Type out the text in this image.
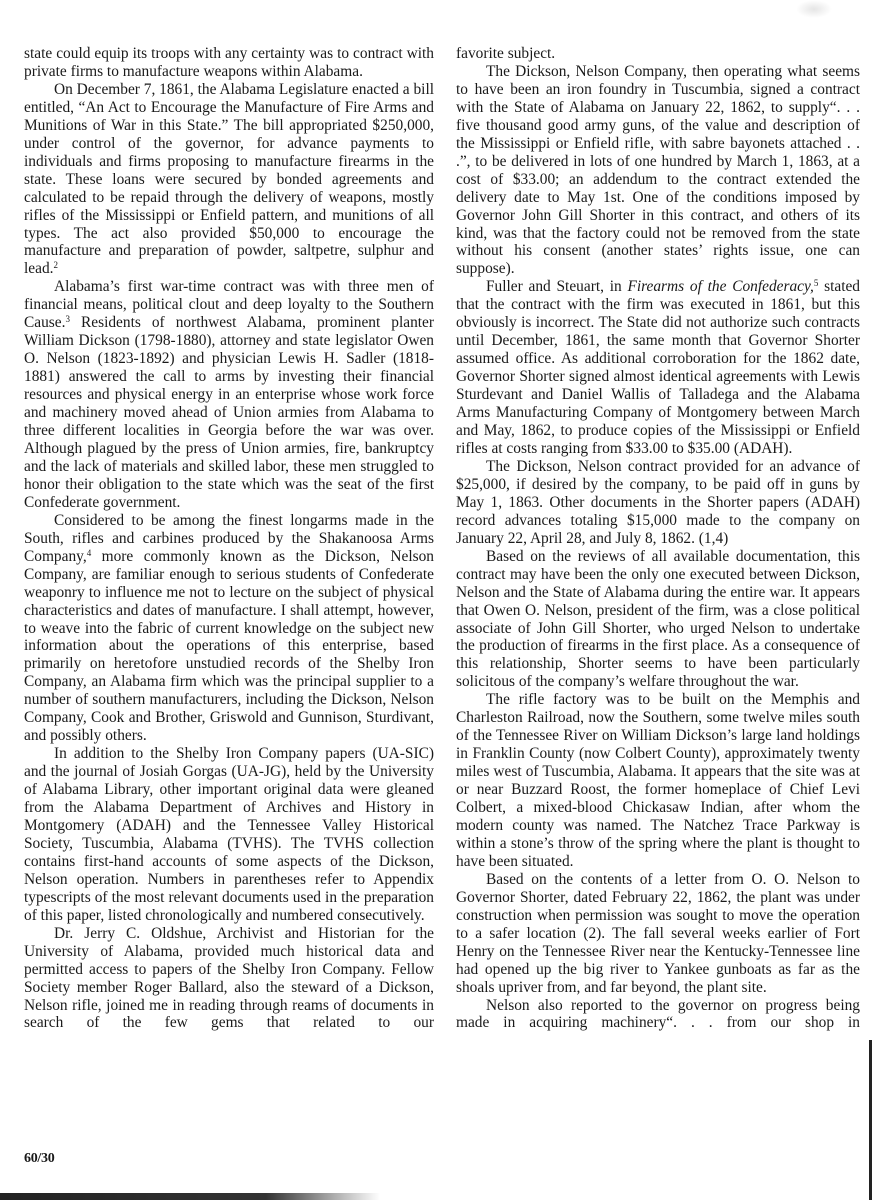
state could equip its troops with any certainty was to contract with private firms to manufacture weapons within Alabama.

On December 7, 1861, the Alabama Legislature enacted a bill entitled, “An Act to Encourage the Manufacture of Fire Arms and Munitions of War in this State.” The bill appropriated $250,000, under control of the governor, for advance payments to individuals and firms proposing to manufacture firearms in the state. These loans were secured by bonded agreements and calculated to be repaid through the delivery of weapons, mostly rifles of the Mississippi or Enfield pattern, and munitions of all types. The act also provided $50,000 to encourage the manufacture and preparation of powder, saltpetre, sulphur and lead.$^2$

Alabama’s first war-time contract was with three men of financial means, political clout and deep loyalty to the Southern Cause.$^3$ Residents of northwest Alabama, prominent planter William Dickson (1798-1880), attorney and state legislator Owen O. Nelson (1823-1892) and physician Lewis H. Sadler (1818-1881) answered the call to arms by investing their financial resources and physical energy in an enterprise whose work force and machinery moved ahead of Union armies from Alabama to three different localities in Georgia before the war was over. Although plagued by the press of Union armies, fire, bankruptcy and the lack of materials and skilled labor, these men struggled to honor their obligation to the state which was the seat of the first Confederate government.

Considered to be among the finest longarms made in the South, rifles and carbines produced by the Shakanoosa Arms Company,$^4$ more commonly known as the Dickson, Nelson Company, are familiar enough to serious students of Confederate weaponry to influence me not to lecture on the subject of physical characteristics and dates of manufacture. I shall attempt, however, to weave into the fabric of current knowledge on the subject new information about the operations of this enterprise, based primarily on heretofore unstudied records of the Shelby Iron Company, an Alabama firm which was the principal supplier to a number of southern manufacturers, including the Dickson, Nelson Company, Cook and Brother, Griswold and Gunnison, Sturdivant, and possibly others.

In addition to the Shelby Iron Company papers (UA-SIC) and the journal of Josiah Gorgas (UA-JG), held by the University of Alabama Library, other important original data were gleaned from the Alabama Department of Archives and History in Montgomery (ADAH) and the Tennessee Valley Historical Society, Tuscumbia, Alabama (TVHS). The TVHS collection contains first-hand accounts of some aspects of the Dickson, Nelson operation. Numbers in parentheses refer to Appendix typescripts of the most relevant documents used in the preparation of this paper, listed chronologically and numbered consecutively.

Dr. Jerry C. Oldshue, Archivist and Historian for the University of Alabama, provided much historical data and permitted access to papers of the Shelby Iron Company. Fellow Society member Roger Ballard, also the steward of a Dickson, Nelson rifle, joined me in reading through reams of documents in search of the few gems that related to our

favorite subject.

The Dickson, Nelson Company, then operating what seems to have been an iron foundry in Tuscumbia, signed a contract with the State of Alabama on January 22, 1862, to supply“. . . five thousand good army guns, of the value and description of the Mississippi or Enfield rifle, with sabre bayonets attached . . .”, to be delivered in lots of one hundred by March 1, 1863, at a cost of $33.00; an addendum to the contract extended the delivery date to May 1st. One of the conditions imposed by Governor John Gill Shorter in this contract, and others of its kind, was that the factory could not be removed from the state without his consent (another states’ rights issue, one can suppose).

Fuller and Steuart, in Firearms of the Confederacy,$^5$ stated that the contract with the firm was executed in 1861, but this obviously is incorrect. The State did not authorize such contracts until December, 1861, the same month that Governor Shorter assumed office. As additional corroboration for the 1862 date, Governor Shorter signed almost identical agreements with Lewis Sturdevant and Daniel Wallis of Talladega and the Alabama Arms Manufacturing Company of Montgomery between March and May, 1862, to produce copies of the Mississippi or Enfield rifles at costs ranging from $33.00 to $35.00 (ADAH).

The Dickson, Nelson contract provided for an advance of $25,000, if desired by the company, to be paid off in guns by May 1, 1863. Other documents in the Shorter papers (ADAH) record advances totaling $15,000 made to the company on January 22, April 28, and July 8, 1862. (1,4)

Based on the reviews of all available documentation, this contract may have been the only one executed between Dickson, Nelson and the State of Alabama during the entire war. It appears that Owen O. Nelson, president of the firm, was a close political associate of John Gill Shorter, who urged Nelson to undertake the production of firearms in the first place. As a consequence of this relationship, Shorter seems to have been particularly solicitous of the company’s welfare throughout the war.

The rifle factory was to be built on the Memphis and Charleston Railroad, now the Southern, some twelve miles south of the Tennessee River on William Dickson’s large land holdings in Franklin County (now Colbert County), approximately twenty miles west of Tuscumbia, Alabama. It appears that the site was at or near Buzzard Roost, the former homeplace of Chief Levi Colbert, a mixed-blood Chickasaw Indian, after whom the modern county was named. The Natchez Trace Parkway is within a stone’s throw of the spring where the plant is thought to have been situated.

Based on the contents of a letter from O. O. Nelson to Governor Shorter, dated February 22, 1862, the plant was under construction when permission was sought to move the operation to a safer location (2). The fall several weeks earlier of Fort Henry on the Tennessee River near the Kentucky-Tennessee line had opened up the big river to Yankee gunboats as far as the shoals upriver from, and far beyond, the plant site.

Nelson also reported to the governor on progress being made in acquiring machinery“. . . from our shop in

60/30
